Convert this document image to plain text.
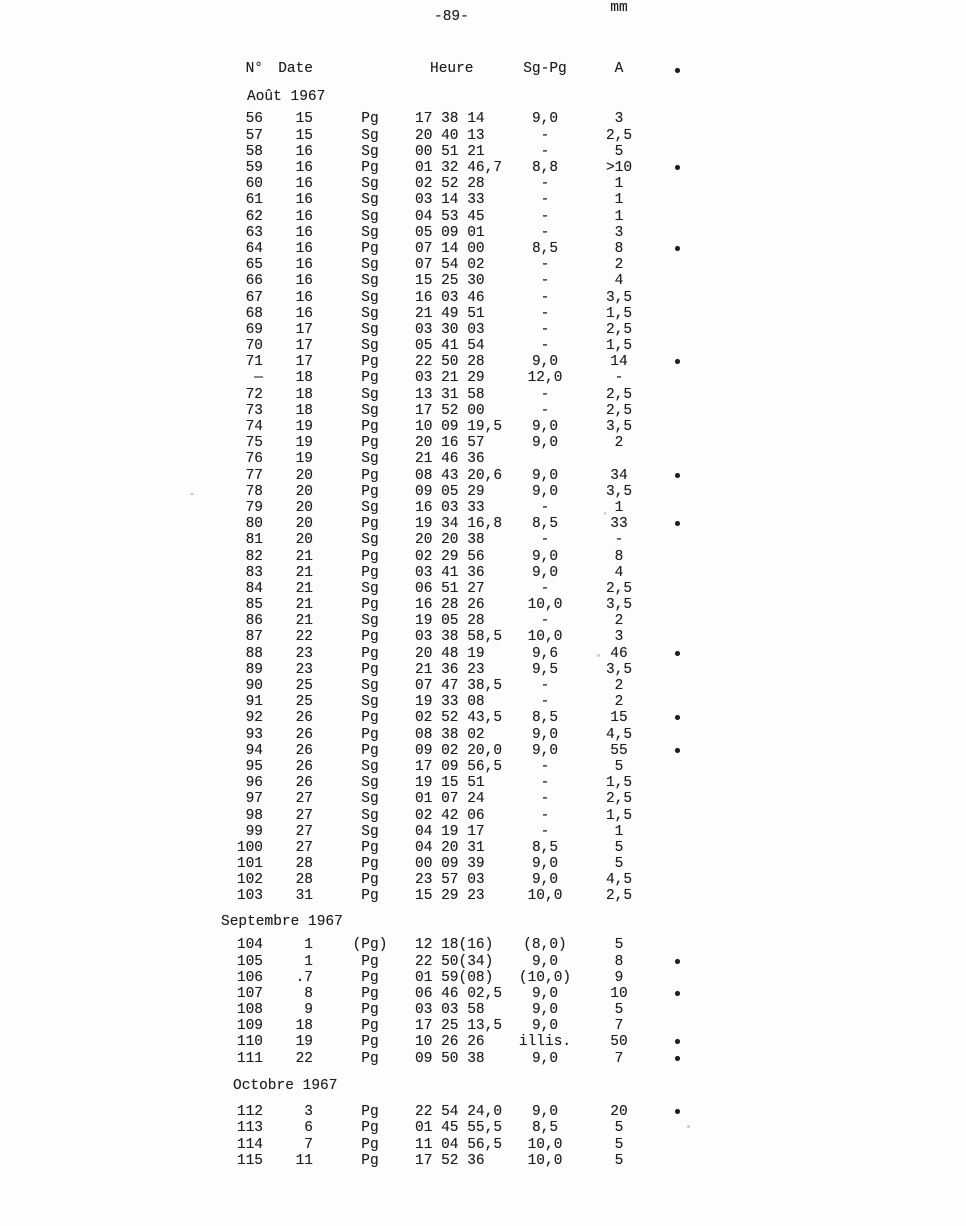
-89-
N°	Date	Heure	Sg-Pg	A
mm
Août 1967
56	15	Pg	17 38 14	9,0	3
57	15	Sg	20 40 13	-	2,5
58	16	Sg	00 51 21	-	5
59	16	Pg	01 32 46,7	8,8	>10
60	16	Sg	02 52 28	-	1
61	16	Sg	03 14 33	-	1
62	16	Sg	04 53 45	-	1
63	16	Sg	05 09 01	-	3
64	16	Pg	07 14 00	8,5	8
65	16	Sg	07 54 02	-	2
66	16	Sg	15 25 30	-	4
67	16	Sg	16 03 46	-	3,5
68	16	Sg	21 49 51	-	1,5
69	17	Sg	03 30 03	-	2,5
70	17	Sg	05 41 54	-	1,5
71	17	Pg	22 50 28	9,0	14
—	18	Pg	03 21 29	12,0	-
72	18	Sg	13 31 58	-	2,5
73	18	Sg	17 52 00	-	2,5
74	19	Pg	10 09 19,5	9,0	3,5
75	19	Pg	20 16 57	9,0	2
76	19	Sg	21 46 36
77	20	Pg	08 43 20,6	9,0	34
78	20	Pg	09 05 29	9,0	3,5
79	20	Sg	16 03 33	-	1
80	20	Pg	19 34 16,8	8,5	33
81	20	Sg	20 20 38	-	-
82	21	Pg	02 29 56	9,0	8
83	21	Pg	03 41 36	9,0	4
84	21	Sg	06 51 27	-	2,5
85	21	Pg	16 28 26	10,0	3,5
86	21	Sg	19 05 28	-	2
87	22	Pg	03 38 58,5	10,0	3
88	23	Pg	20 48 19	9,6	46
89	23	Pg	21 36 23	9,5	3,5
90	25	Sg	07 47 38,5	-	2
91	25	Sg	19 33 08	-	2
92	26	Pg	02 52 43,5	8,5	15
93	26	Pg	08 38 02	9,0	4,5
94	26	Pg	09 02 20,0	9,0	55
95	26	Sg	17 09 56,5	-	5
96	26	Sg	19 15 51	-	1,5
97	27	Sg	01 07 24	-	2,5
98	27	Sg	02 42 06	-	1,5
99	27	Sg	04 19 17	-	1
100	27	Pg	04 20 31	8,5	5
101	28	Pg	00 09 39	9,0	5
102	28	Pg	23 57 03	9,0	4,5
103	31	Pg	15 29 23	10,0	2,5
Septembre 1967
104	1	(Pg) 12 18(16)	(8,0)	5
105	1	Pg	22 50(34)	9,0	8
106	.7	Pg	01 59(08)	(10,0)	9
107	8	Pg	06 46 02,5	9,0	10
108	9	Pg	03 03 58	9,0	5
109	18	Pg	17 25 13,5	9,0	7
110	19	Pg	10 26 26	illis.	50
111	22	Pg	09 50 38	9,0	7
Octobre 1967
112	3	Pg	22 54 24,0	9,0	20
113	6	Pg	01 45 55,5	8,5	5
114	7	Pg	11 04 56,5	10,0	5
115	11	Pg	17 52 36	10,0	5
